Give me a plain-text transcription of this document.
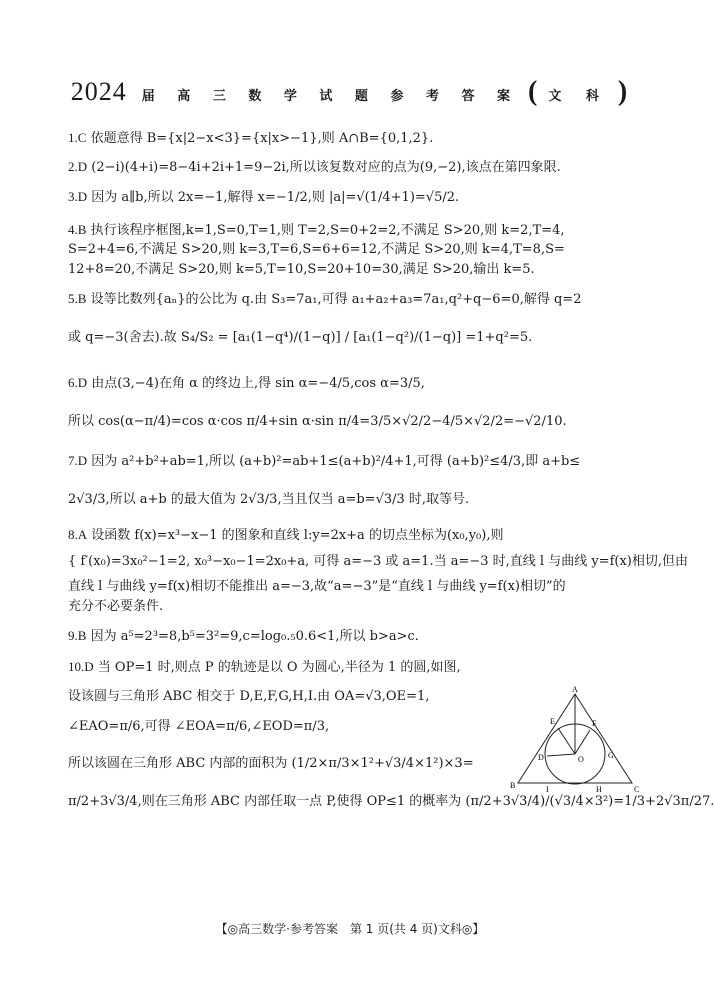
2024 届 高 三 数 学 试 题 参 考 答 案 ( 文 科 )
1.C 依题意得 B={x|2−x<3}={x|x>−1},则 A∩B={0,1,2}.
2.D (2−i)(4+i)=8−4i+2i+1=9−2i,所以该复数对应的点为(9,−2),该点在第四象限.
3.D 因为 a∥b,所以 2x=−1,解得 x=−1/2,则 |a|=√(1/4+1)=√5/2.
4.B 执行该程序框图,k=1,S=0,T=1,则 T=2,S=0+2=2,不满足 S>20,则 k=2,T=4,
S=2+4=6,不满足 S>20,则 k=3,T=6,S=6+6=12,不满足 S>20,则 k=4,T=8,S=
12+8=20,不满足 S>20,则 k=5,T=10,S=20+10=30,满足 S>20,输出 k=5.
5.B 设等比数列{aₙ}的公比为 q.由 S₃=7a₁,可得 a₁+a₂+a₃=7a₁,q²+q−6=0,解得 q=2
或 q=−3(舍去).故 S₄/S₂ = [a₁(1−q⁴)/(1−q)] / [a₁(1−q²)/(1−q)] =1+q²=5.
6.D 由点(3,−4)在角 α 的终边上,得 sin α=−4/5,cos α=3/5,
所以 cos(α−π/4)=cos α·cos π/4+sin α·sin π/4=3/5×√2/2−4/5×√2/2=−√2/10.
7.D 因为 a²+b²+ab=1,所以 (a+b)²=ab+1≤(a+b)²/4+1,可得 (a+b)²≤4/3,即 a+b≤
2√3/3,所以 a+b 的最大值为 2√3/3,当且仅当 a=b=√3/3 时,取等号.
8.A 设函数 f(x)=x³−x−1 的图象和直线 l:y=2x+a 的切点坐标为(x₀,y₀),则
{ f′(x₀)=3x₀²−1=2, x₀³−x₀−1=2x₀+a, 可得 a=−3 或 a=1.当 a=−3 时,直线 l 与曲线 y=f(x)相切,但由
直线 l 与曲线 y=f(x)相切不能推出 a=−3,故“a=−3”是“直线 l 与曲线 y=f(x)相切”的
充分不必要条件.
9.B 因为 a⁵=2³=8,b⁵=3²=9,c=log₀.₅0.6<1,所以 b>a>c.
10.D 当 OP=1 时,则点 P 的轨迹是以 O 为圆心,半径为 1 的圆,如图,
设该圆与三角形 ABC 相交于 D,E,F,G,H,I.由 OA=√3,OE=1,
∠EAO=π/6,可得 ∠EOA=π/6,∠EOD=π/3,
所以该圆在三角形 ABC 内部的面积为 (1/2×π/3×1²+√3/4×1²)×3=
π/2+3√3/4,则在三角形 ABC 内部任取一点 P,使得 OP≤1 的概率为 (π/2+3√3/4)/(√3/4×3²)=1/3+2√3π/27.
A
E	F
D	O	G
B	I	H	C
【◎高三数学·参考答案　第 1 页(共 4 页)文科◎】
